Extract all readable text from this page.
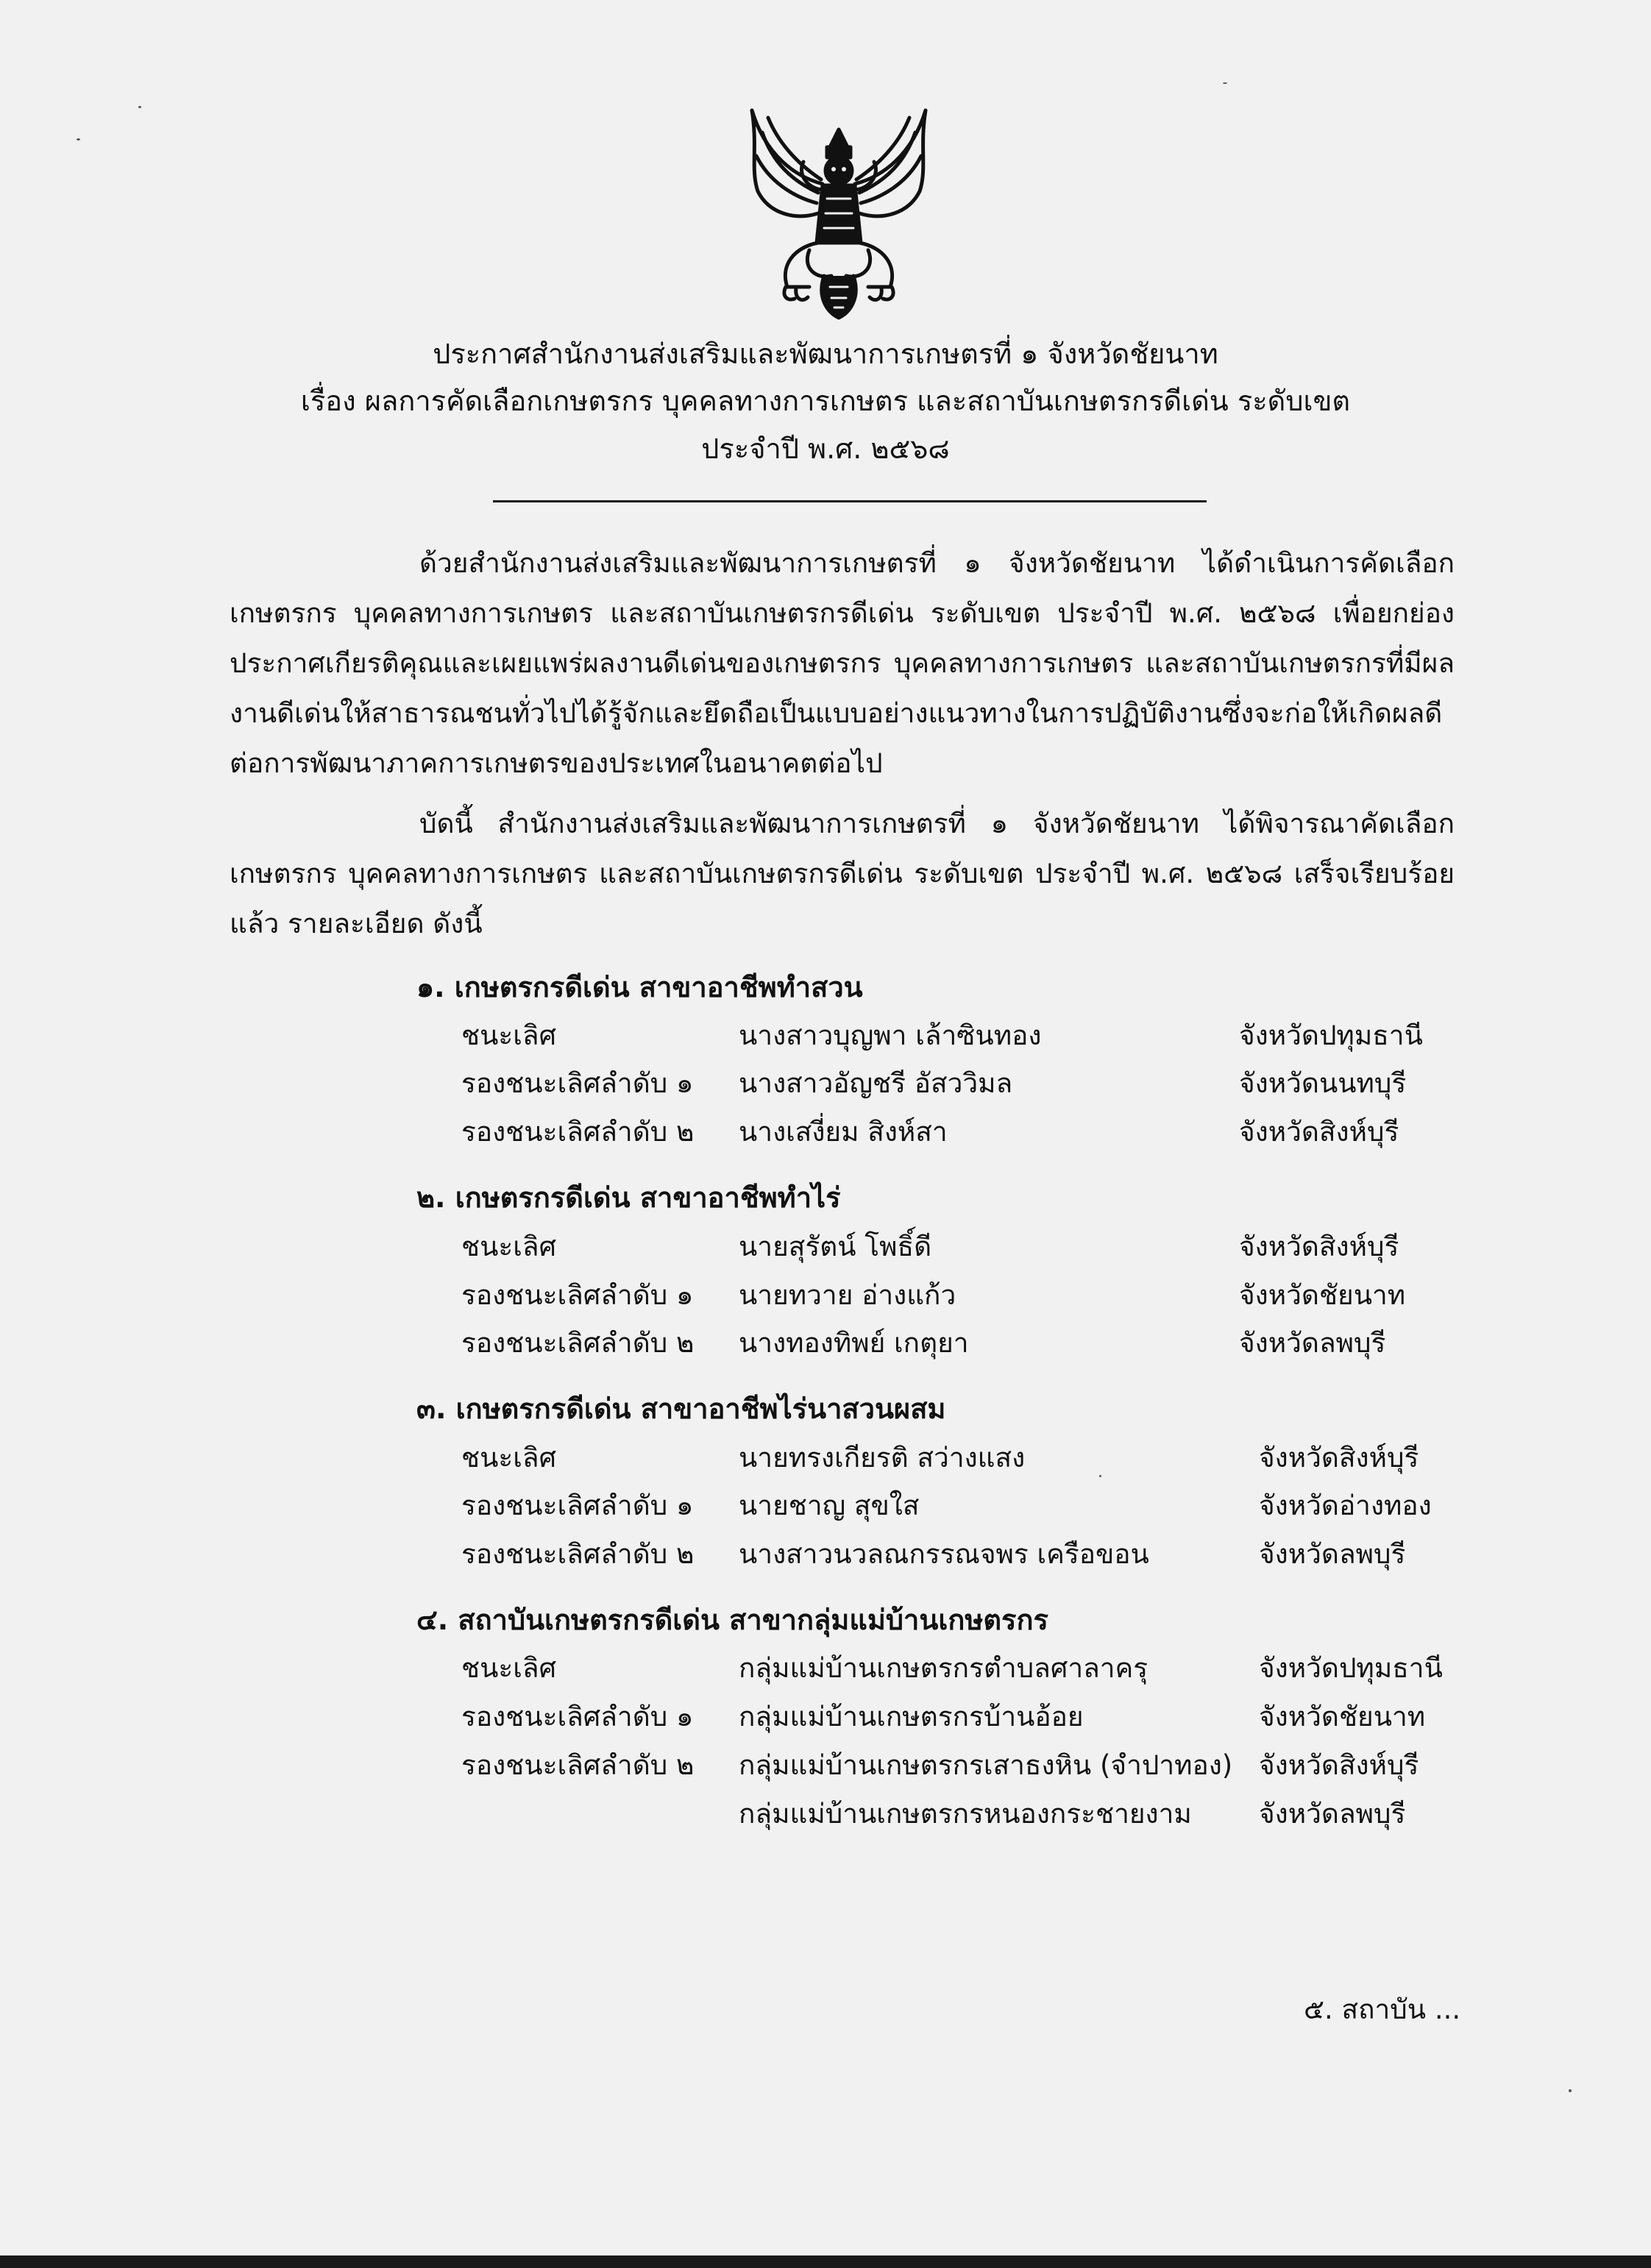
ประกาศสำนักงานส่งเสริมและพัฒนาการเกษตรที่ ๑ จังหวัดชัยนาท
เรื่อง ผลการคัดเลือกเกษตรกร บุคคลทางการเกษตร และสถาบันเกษตรกรดีเด่น ระดับเขต
ประจำปี พ.ศ. ๒๕๖๘
ด้วยสำนักงานส่งเสริมและพัฒนาการเกษตรที่ ๑ จังหวัดชัยนาท ได้ดำเนินการคัดเลือกเกษตรกร บุคคลทางการเกษตร และสถาบันเกษตรกรดีเด่น ระดับเขต ประจำปี พ.ศ. ๒๕๖๘ เพื่อยกย่องประกาศเกียรติคุณและเผยแพร่ผลงานดีเด่นของเกษตรกร บุคคลทางการเกษตร และสถาบันเกษตรกรที่มีผลงานดีเด่นให้สาธารณชนทั่วไปได้รู้จักและยึดถือเป็นแบบอย่างแนวทางในการปฏิบัติงานซึ่งจะก่อให้เกิดผลดีต่อการพัฒนาภาคการเกษตรของประเทศในอนาคตต่อไป
บัดนี้ สำนักงานส่งเสริมและพัฒนาการเกษตรที่ ๑ จังหวัดชัยนาท ได้พิจารณาคัดเลือกเกษตรกร บุคคลทางการเกษตร และสถาบันเกษตรกรดีเด่น ระดับเขต ประจำปี พ.ศ. ๒๕๖๘ เสร็จเรียบร้อยแล้ว รายละเอียด ดังนี้
๑. เกษตรกรดีเด่น สาขาอาชีพทำสวน
ชนะเลิศ	นางสาวบุญพา เล้าซินทอง	จังหวัดปทุมธานี
รองชนะเลิศลำดับ ๑ นางสาวอัญชรี อัสววิมล	จังหวัดนนทบุรี
รองชนะเลิศลำดับ ๒ นางเสงี่ยม สิงห์สา	จังหวัดสิงห์บุรี
๒. เกษตรกรดีเด่น สาขาอาชีพทำไร่
ชนะเลิศ	นายสุรัตน์ โพธิ์ดี	จังหวัดสิงห์บุรี
รองชนะเลิศลำดับ ๑ นายทวาย อ่างแก้ว	จังหวัดชัยนาท
รองชนะเลิศลำดับ ๒ นางทองทิพย์ เกตุยา	จังหวัดลพบุรี
๓. เกษตรกรดีเด่น สาขาอาชีพไร่นาสวนผสม
ชนะเลิศ	นายทรงเกียรติ สว่างแสง	จังหวัดสิงห์บุรี
รองชนะเลิศลำดับ ๑ นายชาญ สุขใส	จังหวัดอ่างทอง
รองชนะเลิศลำดับ ๒ นางสาวนวลณกรรณจพร เครือขอน	จังหวัดลพบุรี
๔. สถาบันเกษตรกรดีเด่น สาขากลุ่มแม่บ้านเกษตรกร
ชนะเลิศ	กลุ่มแม่บ้านเกษตรกรตำบลศาลาครุ	จังหวัดปทุมธานี
รองชนะเลิศลำดับ ๑ กลุ่มแม่บ้านเกษตรกรบ้านอ้อย	จังหวัดชัยนาท
รองชนะเลิศลำดับ ๒ กลุ่มแม่บ้านเกษตรกรเสาธงหิน (จำปาทอง) จังหวัดสิงห์บุรี
กลุ่มแม่บ้านเกษตรกรหนองกระชายงาม จังหวัดลพบุรี
๕. สถาบัน ...
